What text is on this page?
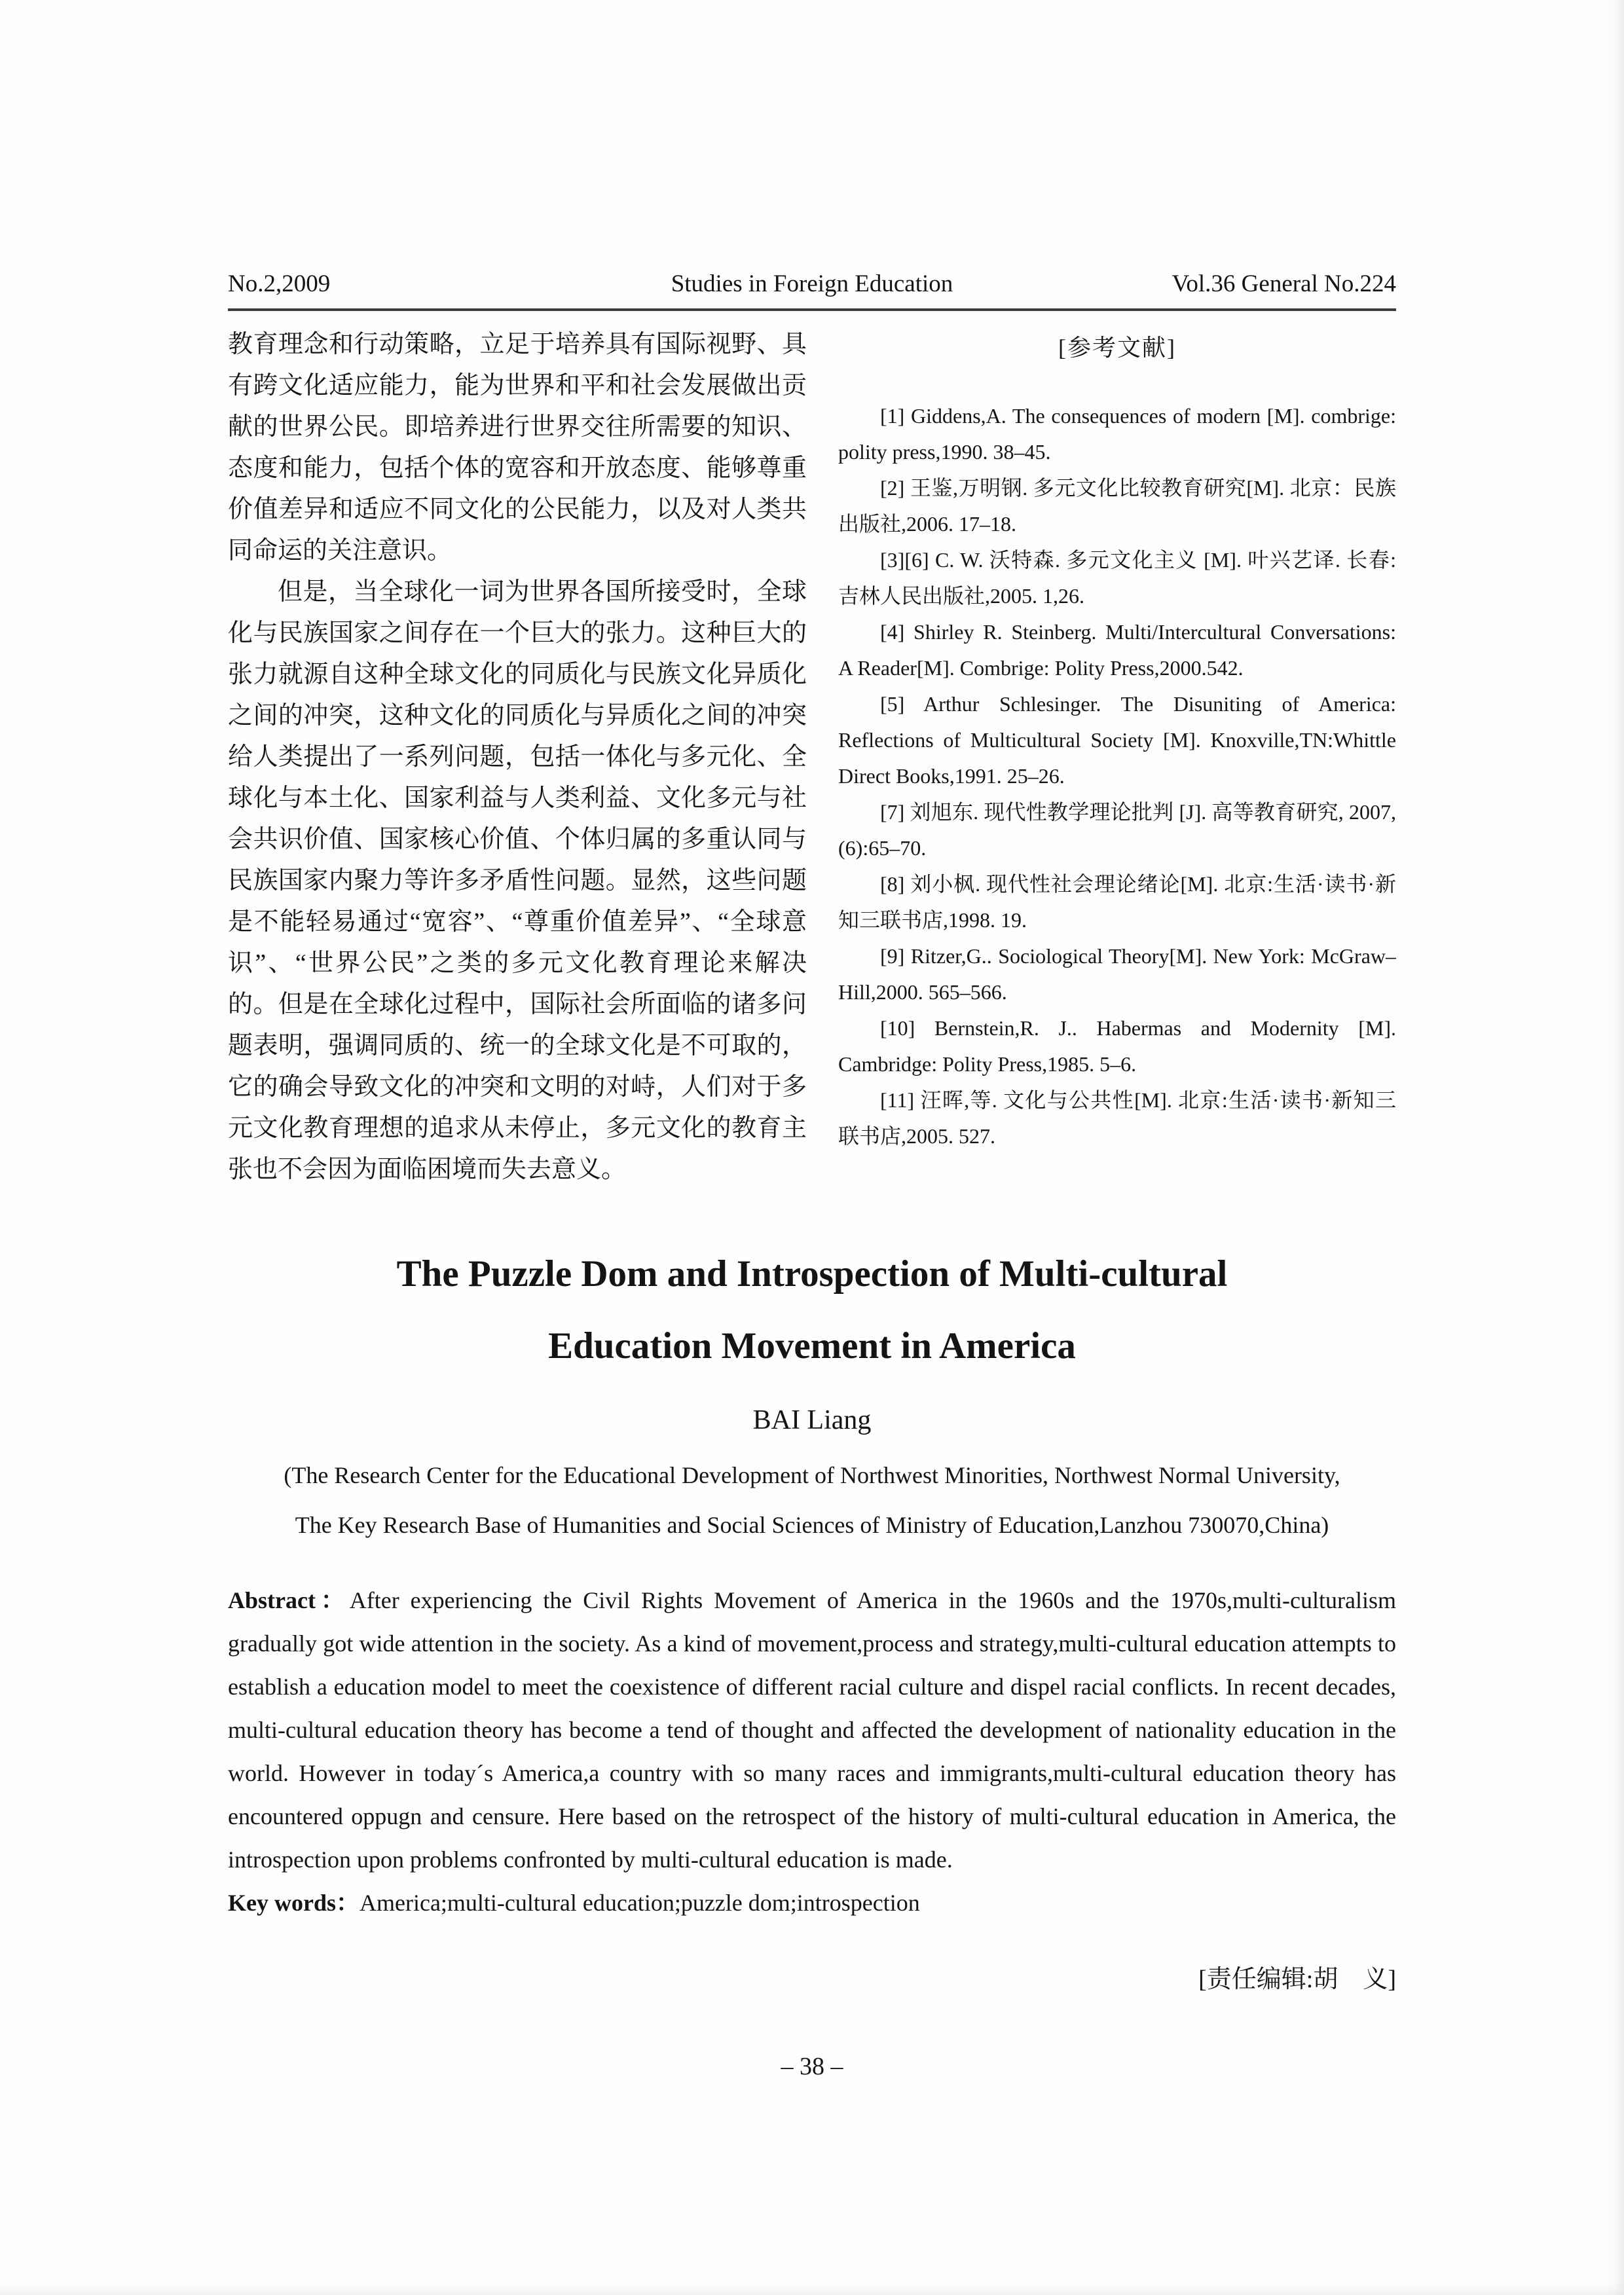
No.2,2009	Studies in Foreign Education	Vol.36 General No.224

教育理念和行动策略，立足于培养具有国际视野、具有跨文化适应能力，能为世界和平和社会发展做出贡献的世界公民。即培养进行世界交往所需要的知识、态度和能力，包括个体的宽容和开放态度、能够尊重价值差异和适应不同文化的公民能力，以及对人类共同命运的关注意识。

但是，当全球化一词为世界各国所接受时，全球化与民族国家之间存在一个巨大的张力。这种巨大的张力就源自这种全球文化的同质化与民族文化异质化之间的冲突，这种文化的同质化与异质化之间的冲突给人类提出了一系列问题，包括一体化与多元化、全球化与本土化、国家利益与人类利益、文化多元与社会共识价值、国家核心价值、个体归属的多重认同与民族国家内聚力等许多矛盾性问题。显然，这些问题是不能轻易通过“宽容”、“尊重价值差异”、“全球意识”、“世界公民”之类的多元文化教育理论来解决的。但是在全球化过程中，国际社会所面临的诸多问题表明，强调同质的、统一的全球文化是不可取的，它的确会导致文化的冲突和文明的对峙，人们对于多元文化教育理想的追求从未停止，多元文化的教育主张也不会因为面临困境而失去意义。

[参考文献]

[1] Giddens,A. The consequences of modern [M]. combrige: polity press,1990. 38–45.

[2] 王鉴,万明钢. 多元文化比较教育研究[M]. 北京：民族出版社,2006. 17–18.

[3][6] C. W. 沃特森. 多元文化主义 [M]. 叶兴艺译. 长春:吉林人民出版社,2005. 1,26.

[4] Shirley R. Steinberg. Multi/Intercultural Conversations: A Reader[M]. Combrige: Polity Press,2000.542.

[5] Arthur Schlesinger. The Disuniting of America: Reflections of Multicultural Society [M]. Knoxville,TN:Whittle Direct Books,1991. 25–26.

[7] 刘旭东. 现代性教学理论批判 [J]. 高等教育研究, 2007,(6):65–70.

[8] 刘小枫. 现代性社会理论绪论[M]. 北京:生活·读书·新知三联书店,1998. 19.

[9] Ritzer,G.. Sociological Theory[M]. New York: McGraw–Hill,2000. 565–566.

[10] Bernstein,R. J.. Habermas and Modernity [M]. Cambridge: Polity Press,1985. 5–6.

[11] 汪晖,等. 文化与公共性[M]. 北京:生活·读书·新知三联书店,2005. 527.

The Puzzle Dom and Introspection of Multi-cultural
Education Movement in America
BAI Liang
(The Research Center for the Educational Development of Northwest Minorities, Northwest Normal University,
The Key Research Base of Humanities and Social Sciences of Ministry of Education,Lanzhou 730070,China)

Abstract：After experiencing the Civil Rights Movement of America in the 1960s and the 1970s,multi-culturalism gradually got wide attention in the society. As a kind of movement,process and strategy,multi-cultural education attempts to establish a education model to meet the coexistence of different racial culture and dispel racial conflicts. In recent decades, multi-cultural education theory has become a tend of thought and affected the development of nationality education in the world. However in today´s America,a country with so many races and immigrants,multi-cultural education theory has encountered oppugn and censure. Here based on the retrospect of the history of multi-cultural education in America, the introspection upon problems confronted by multi-cultural education is made.

Key words：America;multi-cultural education;puzzle dom;introspection

[责任编辑:胡　义]
– 38 –
